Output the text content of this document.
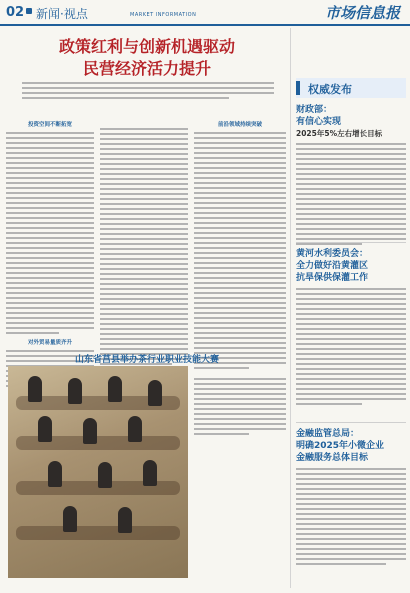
02 新闻·视点	MARKET INFORMATION	市场信息报
政策红利与创新机遇驱动
民营经济活力提升
投资空间不断拓宽
对外贸易量质齐升
前沿领域持续突破
山东省莒县举办茶行业职业技能大赛
权威发布
财政部：
有信心实现
2025年5%左右增长目标
黄河水利委员会：
全力做好沿黄灌区
抗旱保供保灌工作
金融监管总局：
明确2025年小微企业
金融服务总体目标
